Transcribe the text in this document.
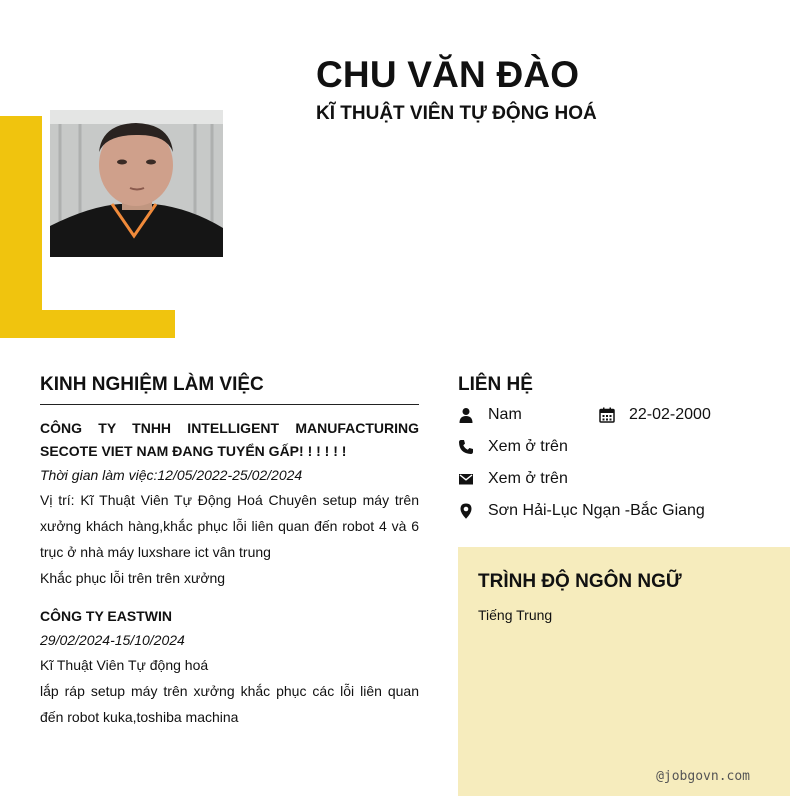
CHU VĂN ĐÀO
KĨ THUẬT VIÊN TỰ ĐỘNG HOÁ
KINH NGHIỆM LÀM VIỆC
CÔNG TY TNHH INTELLIGENT MANUFACTURING SECOTE VIET NAM ĐANG TUYỂN GẤP! ! ! ! ! !
Thời gian làm việc:12/05/2022-25/02/2024
Vị trí: Kĩ Thuật Viên Tự Động Hoá Chuyên setup máy trên xưởng khách hàng,khắc phục lỗi liên quan đến robot 4 và 6 trục ở nhà máy luxshare ict vân trung
Khắc phục lỗi trên trên xưởng
CÔNG TY EASTWIN
29/02/2024-15/10/2024
Kĩ Thuật Viên Tự động hoá
lắp ráp setup máy trên xưởng khắc phục các lỗi liên quan đến robot kuka,toshiba machina
LIÊN HỆ
Nam	22-02-2000
Xem ở trên
Xem ở trên
Sơn Hải-Lục Ngạn -Bắc Giang
TRÌNH ĐỘ NGÔN NGỮ
Tiếng Trung
@jobgovn.com
